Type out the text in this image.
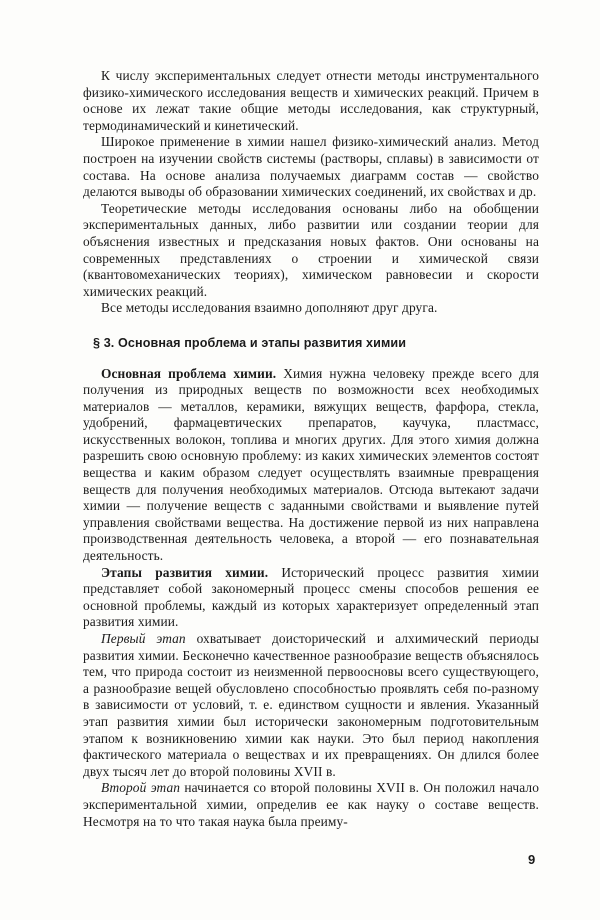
К числу экспериментальных следует отнести методы инструментального физико-химического исследования веществ и химических реакций. Причем в основе их лежат такие общие методы исследования, как структурный, термодинамический и кинетический.

Широкое применение в химии нашел физико-химический анализ. Метод построен на изучении свойств системы (растворы, сплавы) в зависимости от состава. На основе анализа получаемых диаграмм состав — свойство делаются выводы об образовании химических соединений, их свойствах и др.

Теоретические методы исследования основаны либо на обобщении экспериментальных данных, либо развитии или создании теории для объяснения известных и предсказания новых фактов. Они основаны на современных представлениях о строении и химической связи (квантовомеханических теориях), химическом равновесии и скорости химических реакций.

Все методы исследования взаимно дополняют друг друга.

§ 3. Основная проблема и этапы развития химии

Основная проблема химии. Химия нужна человеку прежде всего для получения из природных веществ по возможности всех необходимых материалов — металлов, керамики, вяжущих веществ, фарфора, стекла, удобрений, фармацевтических препаратов, каучука, пластмасс, искусственных волокон, топлива и многих других. Для этого химия должна разрешить свою основную проблему: из каких химических элементов состоят вещества и каким образом следует осуществлять взаимные превращения веществ для получения необходимых материалов. Отсюда вытекают задачи химии — получение веществ с заданными свойствами и выявление путей управления свойствами вещества. На достижение первой из них направлена производственная деятельность человека, а второй — его познавательная деятельность.

Этапы развития химии. Исторический процесс развития химии представляет собой закономерный процесс смены способов решения ее основной проблемы, каждый из которых характеризует определенный этап развития химии.

Первый этап охватывает доисторический и алхимический периоды развития химии. Бесконечно качественное разнообразие веществ объяснялось тем, что природа состоит из неизменной первоосновы всего существующего, а разнообразие вещей обусловлено способностью проявлять себя по-разному в зависимости от условий, т. е. единством сущности и явления. Указанный этап развития химии был исторически закономерным подготовительным этапом к возникновению химии как науки. Это был период накопления фактического материала о веществах и их превращениях. Он длился более двух тысяч лет до второй половины XVII в.

Второй этап начинается со второй половины XVII в. Он положил начало экспериментальной химии, определив ее как науку о составе веществ. Несмотря на то что такая наука была преиму-

9
